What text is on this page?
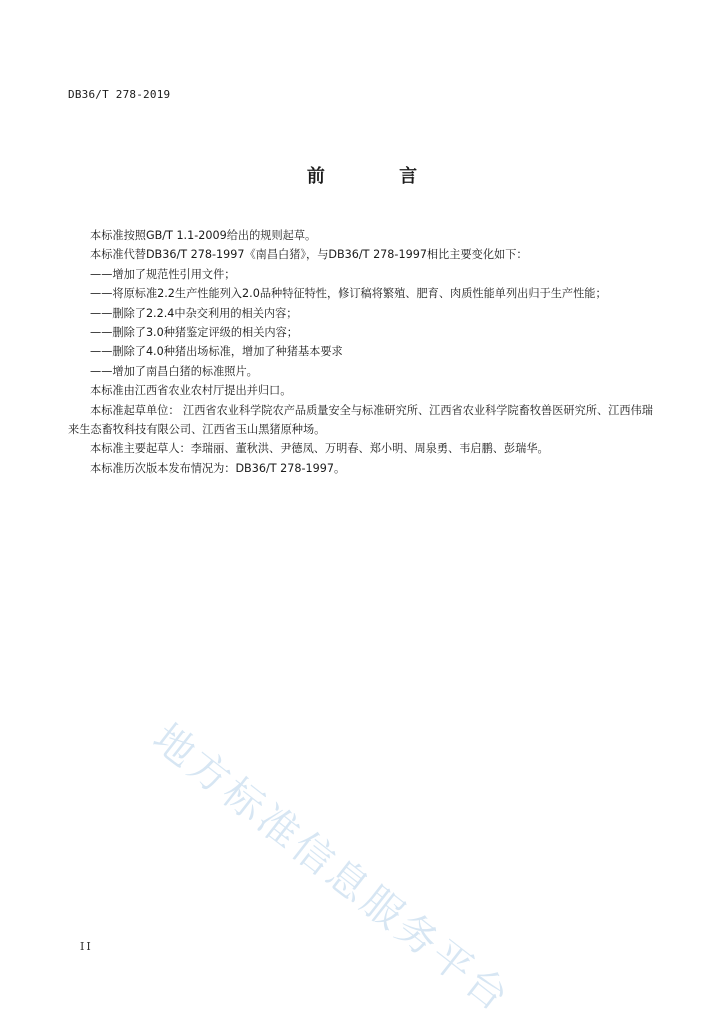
DB36/T 278-2019
前 言

本标准按照GB/T 1.1-2009给出的规则起草。

本标准代替DB36/T 278-1997《南昌白猪》，与DB36/T 278-1997相比主要变化如下：

——增加了规范性引用文件；

——将原标准2.2生产性能列入2.0品种特征特性，修订稿将繁殖、肥育、肉质性能单列出归于生产性能；

——删除了2.2.4中杂交利用的相关内容；

——删除了3.0种猪鉴定评级的相关内容；

——删除了4.0种猪出场标准，增加了种猪基本要求

——增加了南昌白猪的标准照片。

本标准由江西省农业农村厅提出并归口。

本标准起草单位： 江西省农业科学院农产品质量安全与标准研究所、江西省农业科学院畜牧兽医研究所、江西伟瑞来生态畜牧科技有限公司、江西省玉山黑猪原种场。

本标准主要起草人：李瑞丽、董秋洪、尹德凤、万明春、郑小明、周泉勇、韦启鹏、彭瑞华。

本标准历次版本发布情况为：DB36/T 278-1997。

地方标准信息服务平台
II
